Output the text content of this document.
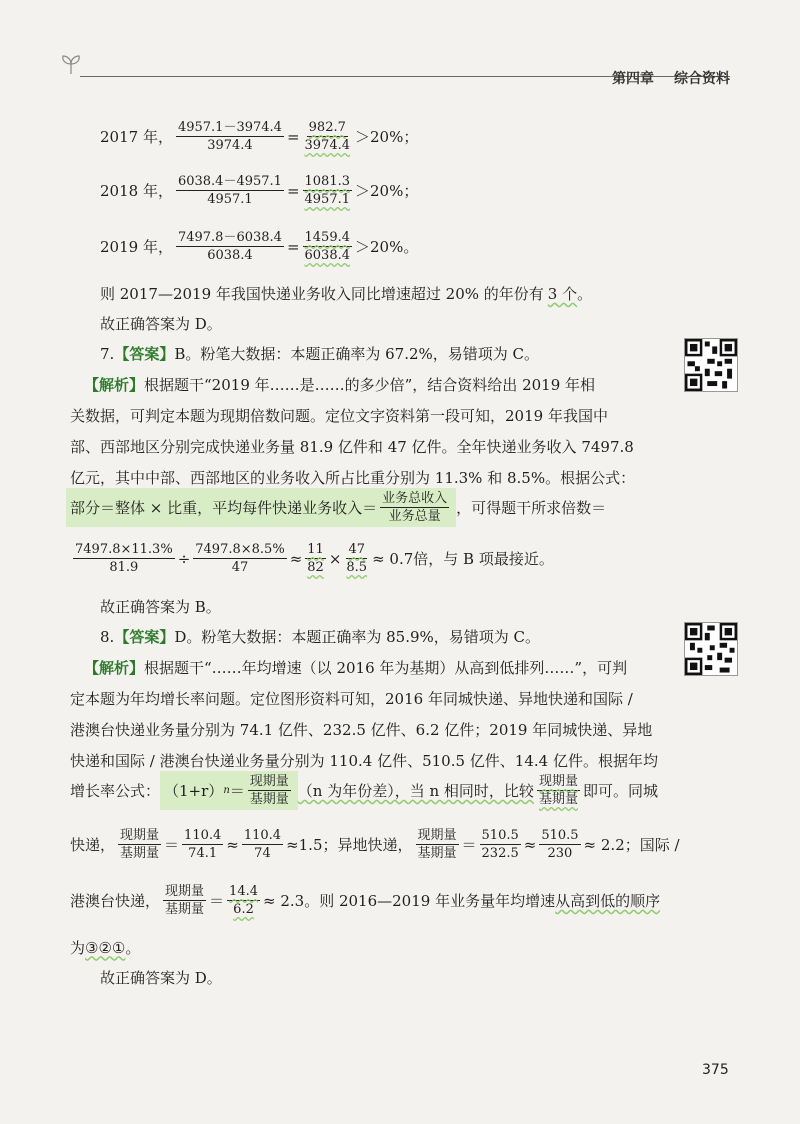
第四章 综合资料
2017 年， $\frac{4957.1-3974.4}{3974.4} = \frac{982.7}{3974.4} >20\%$；
2018 年， $\frac{6038.4-4957.1}{4957.1} = \frac{1081.3}{4957.1} >20\%$；
2019 年， $\frac{7497.8-6038.4}{6038.4} = \frac{1459.4}{6038.4} >20\%$。
则 2017—2019 年我国快递业务收入同比增速超过 20% 的年份有 3 个 。
故正确答案为 D。
7. 【答案】 B。粉笔大数据：本题正确率为 67.2%，易错项为 C。
【解析】 根据题干“2019 年……是……的多少倍”，结合资料给出 2019 年相
关数据，可判定本题为现期倍数问题。定位文字资料第一段可知，2019 年我国中
部、西部地区分别完成快递业务量 81.9 亿件和 47 亿件。全年快递业务收入 7497.8
亿元，其中中部、西部地区的业务收入所占比重分别为 11.3% 和 8.5%。根据公式：
部分＝整体 × 比重，平均每件快递业务收入＝ $\frac{\text{业务总收入}}{\text{业务总量}}$ ，可得题干所求倍数＝
$\frac{7497.8\times 11.3\%}{81.9} \div \frac{7497.8\times 8.5\%}{47} \approx \frac{11}{82} \times \frac{47}{8.5} \approx 0.7$倍，与 B 项最接近。
故正确答案为 B。
8. 【答案】 D。粉笔大数据：本题正确率为 85.9%，易错项为 C。
【解析】 根据题干“……年均增速（以 2016 年为基期）从高到低排列……”，可判
定本题为年均增长率问题。定位图形资料可知，2016 年同城快递、异地快递和国际 /
港澳台快递业务量分别为 74.1 亿件、232.5 亿件、6.2 亿件；2019 年同城快递、异地
快递和国际 / 港澳台快递业务量分别为 110.4 亿件、510.5 亿件、14.4 亿件。根据年均
增长率公式： （1+r） $n = \frac{\text{现期量}}{\text{基期量}} (n$ 为年份差），当 n 相同时，比较 $\frac{\text{现期量}}{\text{基期量}}$ 即可。同城
快递， $\frac{\text{现期量}}{\text{基期量}} = \frac{110.4}{74.1} \approx \frac{110.4}{74} \approx 1.5$；异地快递， $\frac{\text{现期量}}{\text{基期量}} = \frac{510.5}{232.5} \approx \frac{510.5}{230} \approx 2.2$；国际 /
港澳台快递， $\frac{\text{现期量}}{\text{基期量}} = \frac{14.4}{6.2} \approx 2.3$。则 2016—2019 年业务量年均增速 从高到低的顺序
为 ③②① 。
故正确答案为 D。
375
